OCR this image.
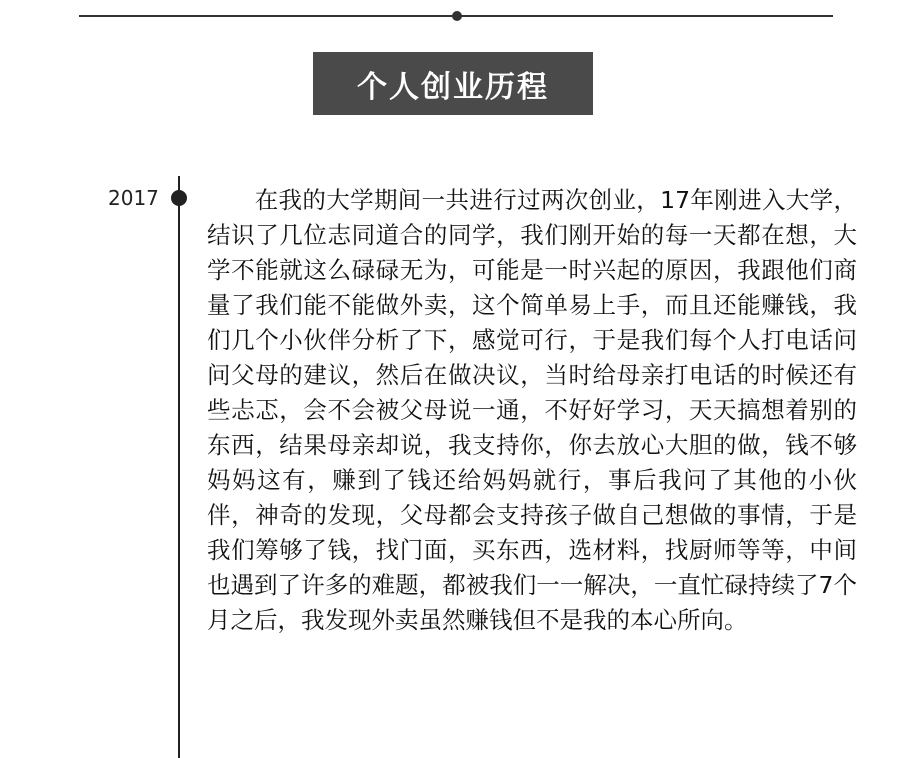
个人创业历程
2017 　　在我的大学期间一共进行过两次创业，17年刚进入大学，结识了几位志同道合的同学，我们刚开始的每一天都在想，大学不能就这么碌碌无为，可能是一时兴起的原因，我跟他们商量了我们能不能做外卖，这个简单易上手，而且还能赚钱，我们几个小伙伴分析了下，感觉可行，于是我们每个人打电话问问父母的建议，然后在做决议，当时给母亲打电话的时候还有些忐忑，会不会被父母说一通，不好好学习，天天搞想着别的东西，结果母亲却说，我支持你，你去放心大胆的做，钱不够妈妈这有，赚到了钱还给妈妈就行，事后我问了其他的小伙伴，神奇的发现，父母都会支持孩子做自己想做的事情，于是我们筹够了钱，找门面，买东西，选材料，找厨师等等，中间也遇到了许多的难题，都被我们一一解决，一直忙碌持续了7个月之后，我发现外卖虽然赚钱但不是我的本心所向。
